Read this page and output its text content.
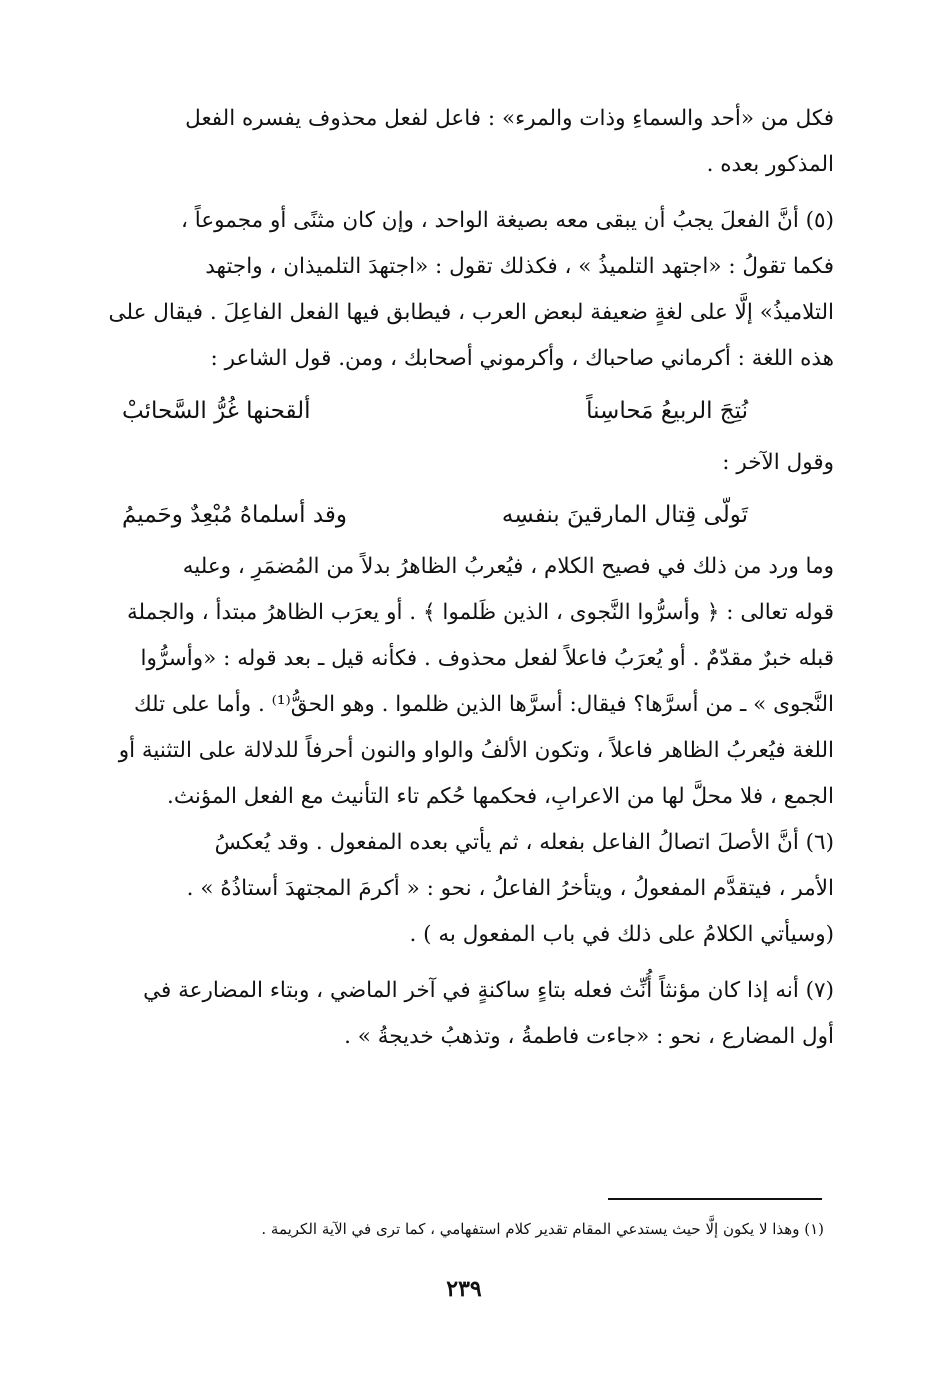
فكل من «أحد والسماءِ وذات والمرء» : فاعل لفعل محذوف يفسره الفعل
المذكور بعده .

(٥) أنَّ الفعلَ يجبُ أن يبقى معه بصيغة الواحد ، وإن كان مثنًى أو مجموعاً ،
فكما تقولُ : «اجتهد التلميذُ » ، فكذلك تقول : «اجتهدَ التلميذان ، واجتهد
التلاميذُ» إلَّا على لغةٍ ضعيفة لبعض العرب ، فيطابق فيها الفعل الفاعِلَ . فيقال على
هذه اللغة : أكرماني صاحباك ، وأكرموني أصحابك ، ومن. قول الشاعر :

نُتِجَ الربيعُ مَحاسِناً
ألقحنها غُرُّ السَّحائبْ

وقول الآخر :

تَولّى قِتال المارقينَ بنفسِه
وقد أسلماهُ مُبْعِدٌ وحَميمُ

وما ورد من ذلك في فصيح الكلام ، فيُعربُ الظاهرُ بدلاً من المُضمَرِ ، وعليه
قوله تعالى : ﴿ وأسرُّوا النَّجوى ، الذين ظَلموا ﴾ . أو يعرَب الظاهرُ مبتدأ ، والجملة
قبله خبرٌ مقدّمٌ . أو يُعرَبُ فاعلاً لفعل محذوف . فكأنه قيل ـ بعد قوله : «وأسرُّوا
النَّجوى » ـ من أسرَّها؟ فيقال: أسرَّها الذين ظلموا . وهو الحقُّ⁽¹⁾ . وأما على تلك
اللغة فيُعربُ الظاهر فاعلاً ، وتكون الألفُ والواو والنون أحرفاً للدلالة على التثنية أو
الجمع ، فلا محلَّ لها من الاعرابِ، فحكمها حُكم تاء التأنيث مع الفعل المؤنث.

(٦) أنَّ الأصلَ اتصالُ الفاعل بفعله ، ثم يأتي بعده المفعول . وقد يُعكسُ
الأمر ، فيتقدَّم المفعولُ ، ويتأخرُ الفاعلُ ، نحو : « أكرمَ المجتهدَ أستاذُهُ » .
(وسيأتي الكلامُ على ذلك في باب المفعول به ) .

(٧) أنه إذا كان مؤنثاً أُنِّث فعله بتاءٍ ساكنةٍ في آخر الماضي ، وبتاء المضارعة في
أول المضارع ، نحو : «جاءت فاطمةُ ، وتذهبُ خديجةُ » .

(١) وهذا لا يكون إلَّا حيث يستدعي المقام تقدير كلام استفهامي ، كما ترى في الآية الكريمة .
٢٣٩
